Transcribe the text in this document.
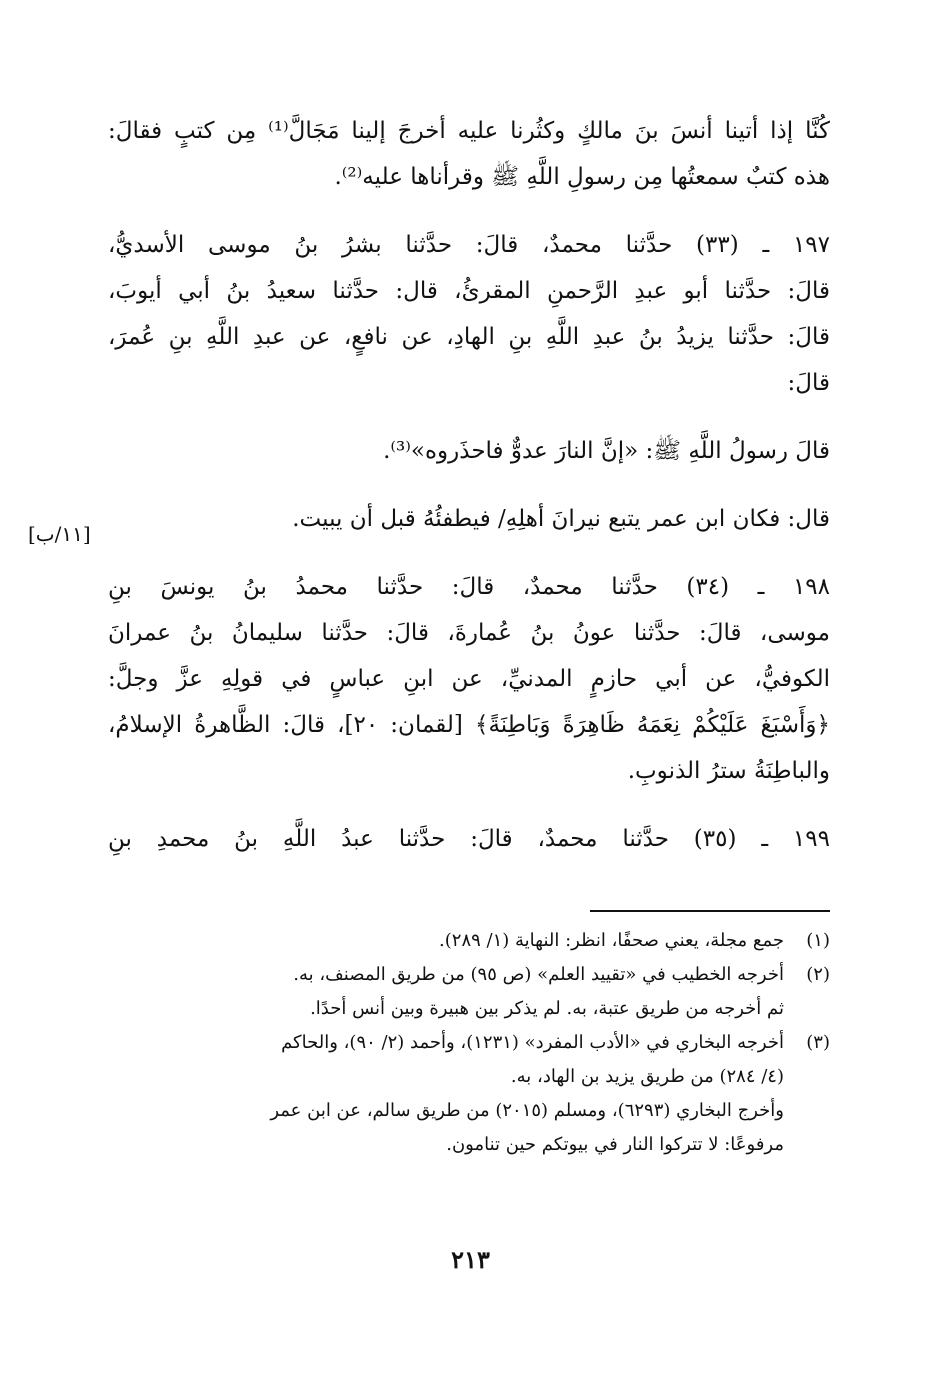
كُنَّا إذا أتينا أنسَ بنَ مالكٍ وكثُرنا عليه أخرجَ إلينا مَجَالَّ⁽¹⁾ مِن كتبٍ فقالَ:
هذه كتبٌ سمعتُها مِن رسولِ اللَّهِ ﷺ وقرأناها عليه⁽²⁾.
١٩٧ ـ (٣٣) حدَّثنا محمدٌ، قالَ: حدَّثنا بشرُ بنُ موسى الأسديُّ،
قالَ: حدَّثنا أبو عبدِ الرَّحمنِ المقرئُ، قال: حدَّثنا سعيدُ بنُ أبي أيوبَ،
قالَ: حدَّثنا يزيدُ بنُ عبدِ اللَّهِ بنِ الهادِ، عن نافعٍ، عن عبدِ اللَّهِ بنِ عُمرَ،
قالَ:
قالَ رسولُ اللَّهِ ﷺ: «إنَّ النارَ عدوٌّ فاحذَروه»⁽³⁾.
قال: فكان ابن عمر يتبع نيرانَ أهلِهِ/ فيطفئُهُ قبل أن يبيت.
١٩٨ ـ (٣٤) حدَّثنا محمدٌ، قالَ: حدَّثنا محمدُ بنُ يونسَ بنِ
موسى، قالَ: حدَّثنا عونُ بنُ عُمارةَ، قالَ: حدَّثنا سليمانُ بنُ عمرانَ
الكوفيُّ، عن أبي حازمٍ المدنيِّ، عن ابنِ عباسٍ في قولِهِ عزَّ وجلَّ:
﴿وَأَسْبَغَ عَلَيْكُمْ نِعَمَهُ ظَاهِرَةً وَبَاطِنَةً﴾ [لقمان: ٢٠]، قالَ: الظَّاهرةُ الإسلامُ،
والباطِنَةُ سترُ الذنوبِ.
١٩٩ ـ (٣٥) حدَّثنا محمدٌ، قالَ: حدَّثنا عبدُ اللَّهِ بنُ محمدِ بنِ
[١١/ب]
(١)
جمع مجلة، يعني صحفًا، انظر: النهاية (١/ ٢٨٩).
(٢)
أخرجه الخطيب في «تقييد العلم» (ص ٩٥) من طريق المصنف، به.
ثم أخرجه من طريق عتبة، به. لم يذكر بين هبيرة وبين أنس أحدًا.
(٣)
أخرجه البخاري في «الأدب المفرد» (١٢٣١)، وأحمد (٢/ ٩٠)، والحاكم
(٤/ ٢٨٤) من طريق يزيد بن الهاد، به.
وأخرج البخاري (٦٢٩٣)، ومسلم (٢٠١٥) من طريق سالم، عن ابن عمر
مرفوعًا: لا تتركوا النار في بيوتكم حين تنامون.
٢١٣
